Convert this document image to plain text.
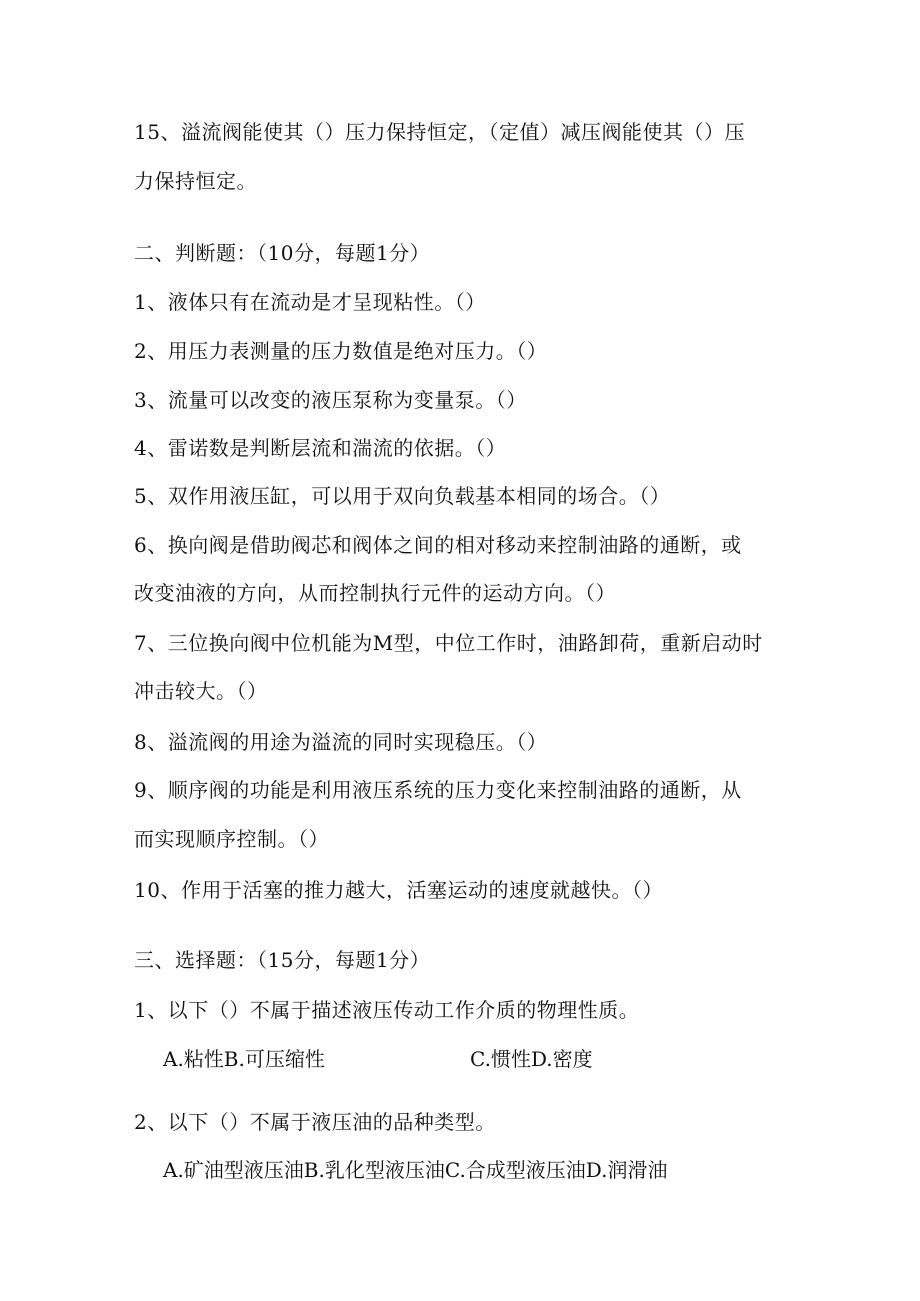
15、溢流阀能使其（）压力保持恒定，（定值）减压阀能使其（）压
力保持恒定。
二、判断题：（10分，每题1分）
1、液体只有在流动是才呈现粘性。（）
2、用压力表测量的压力数值是绝对压力。（）
3、流量可以改变的液压泵称为变量泵。（）
4、雷诺数是判断层流和湍流的依据。（）
5、双作用液压缸，可以用于双向负载基本相同的场合。（）
6、换向阀是借助阀芯和阀体之间的相对移动来控制油路的通断，或
改变油液的方向，从而控制执行元件的运动方向。（）
7、三位换向阀中位机能为M型，中位工作时，油路卸荷，重新启动时
冲击较大。（）
8、溢流阀的用途为溢流的同时实现稳压。（）
9、顺序阀的功能是利用液压系统的压力变化来控制油路的通断，从
而实现顺序控制。（）
10、作用于活塞的推力越大，活塞运动的速度就越快。（）
三、选择题：（15分，每题1分）
1、以下（）不属于描述液压传动工作介质的物理性质。
A.粘性B.可压缩性	C.惯性D.密度
2、以下（）不属于液压油的品种类型。
A.矿油型液压油B.乳化型液压油C.合成型液压油D.润滑油
